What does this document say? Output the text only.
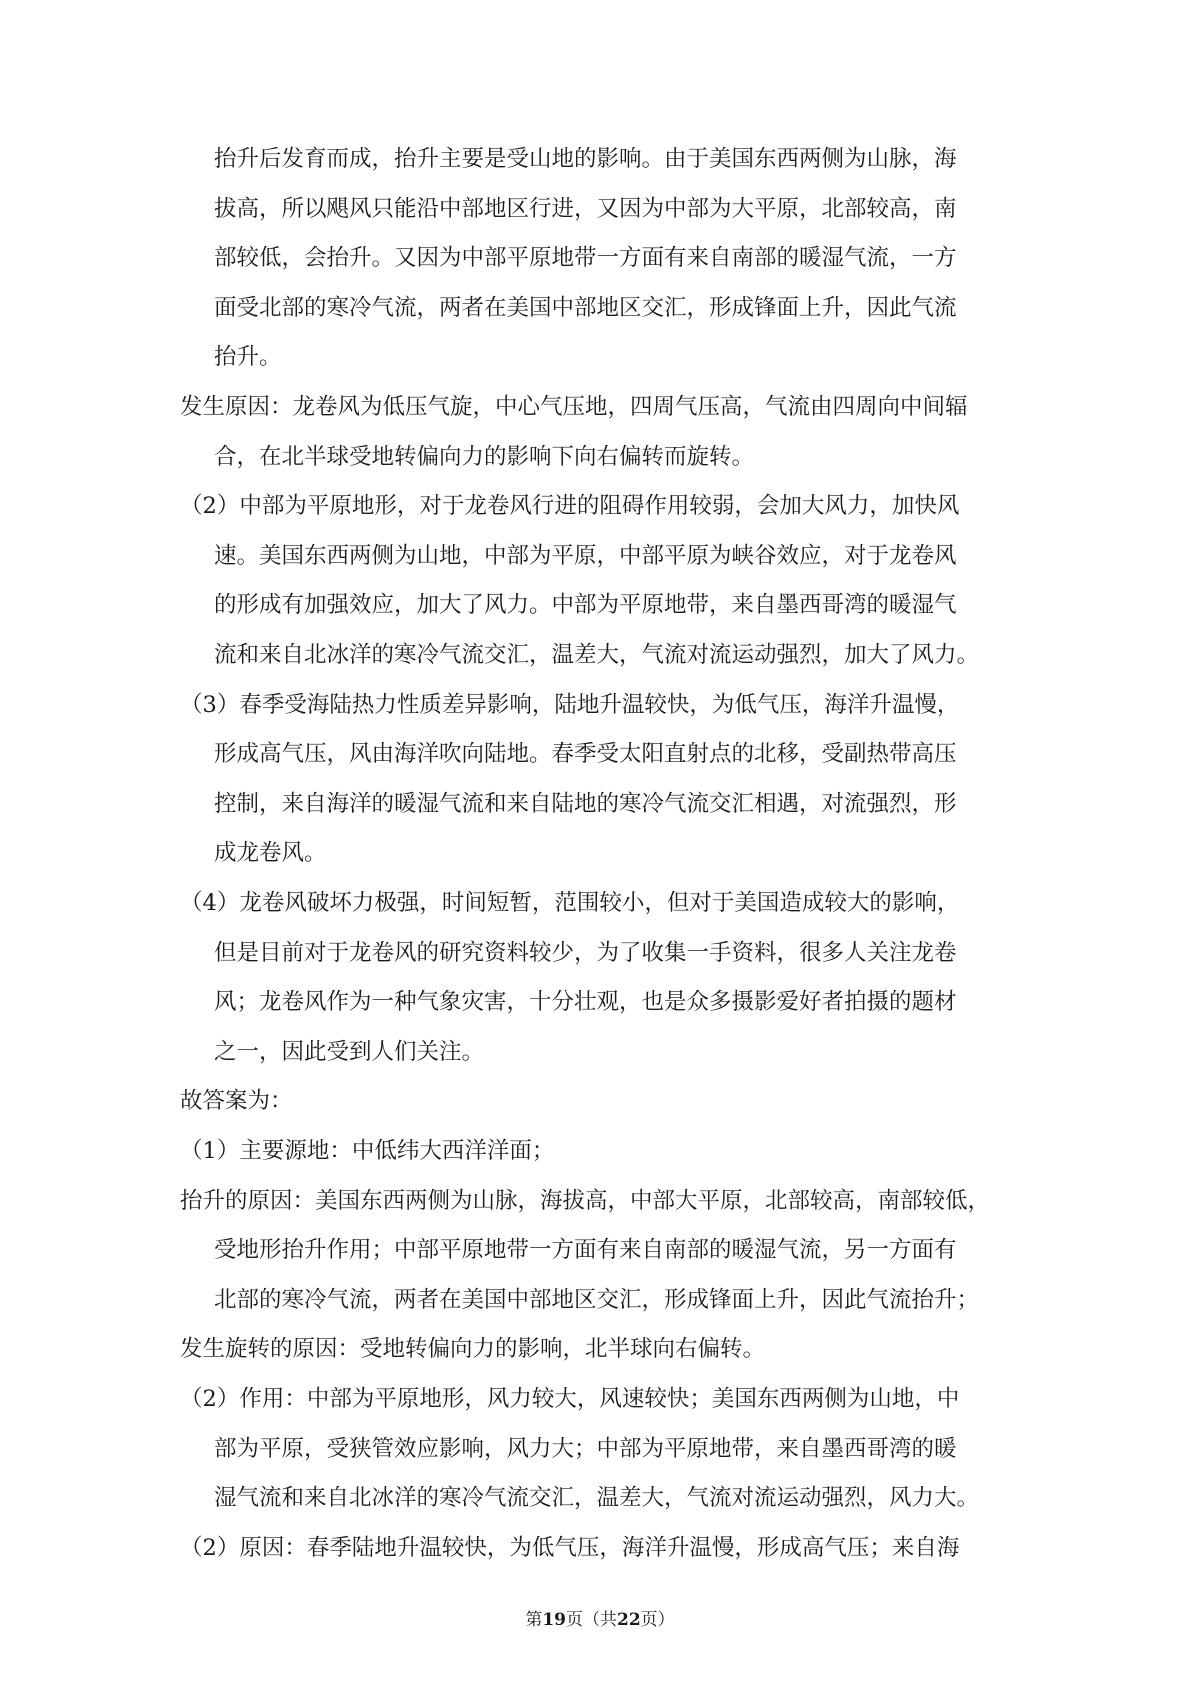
抬升后发育而成，抬升主要是受山地的影响。由于美国东西两侧为山脉，海
拔高，所以飓风只能沿中部地区行进，又因为中部为大平原，北部较高，南
部较低，会抬升。又因为中部平原地带一方面有来自南部的暖湿气流，一方
面受北部的寒冷气流，两者在美国中部地区交汇，形成锋面上升，因此气流
抬升。
发生原因：龙卷风为低压气旋，中心气压地，四周气压高，气流由四周向中间辐
合，在北半球受地转偏向力的影响下向右偏转而旋转。
（2）中部为平原地形，对于龙卷风行进的阻碍作用较弱，会加大风力，加快风
速。美国东西两侧为山地，中部为平原，中部平原为峡谷效应，对于龙卷风
的形成有加强效应，加大了风力。中部为平原地带，来自墨西哥湾的暖湿气
流和来自北冰洋的寒冷气流交汇，温差大，气流对流运动强烈，加大了风力。
（3）春季受海陆热力性质差异影响，陆地升温较快，为低气压，海洋升温慢，
形成高气压，风由海洋吹向陆地。春季受太阳直射点的北移，受副热带高压
控制，来自海洋的暖湿气流和来自陆地的寒冷气流交汇相遇，对流强烈，形
成龙卷风。
（4）龙卷风破坏力极强，时间短暂，范围较小，但对于美国造成较大的影响，
但是目前对于龙卷风的研究资料较少，为了收集一手资料，很多人关注龙卷
风；龙卷风作为一种气象灾害，十分壮观，也是众多摄影爱好者拍摄的题材
之一，因此受到人们关注。
故答案为：
（1）主要源地：中低纬大西洋洋面；
抬升的原因：美国东西两侧为山脉，海拔高，中部大平原，北部较高，南部较低，
受地形抬升作用；中部平原地带一方面有来自南部的暖湿气流，另一方面有
北部的寒冷气流，两者在美国中部地区交汇，形成锋面上升，因此气流抬升；
发生旋转的原因：受地转偏向力的影响，北半球向右偏转。
（2）作用：中部为平原地形，风力较大，风速较快；美国东西两侧为山地，中
部为平原，受狭管效应影响，风力大；中部为平原地带，来自墨西哥湾的暖
湿气流和来自北冰洋的寒冷气流交汇，温差大，气流对流运动强烈，风力大。
（2）原因：春季陆地升温较快，为低气压，海洋升温慢，形成高气压；来自海
第19页（共22页）
